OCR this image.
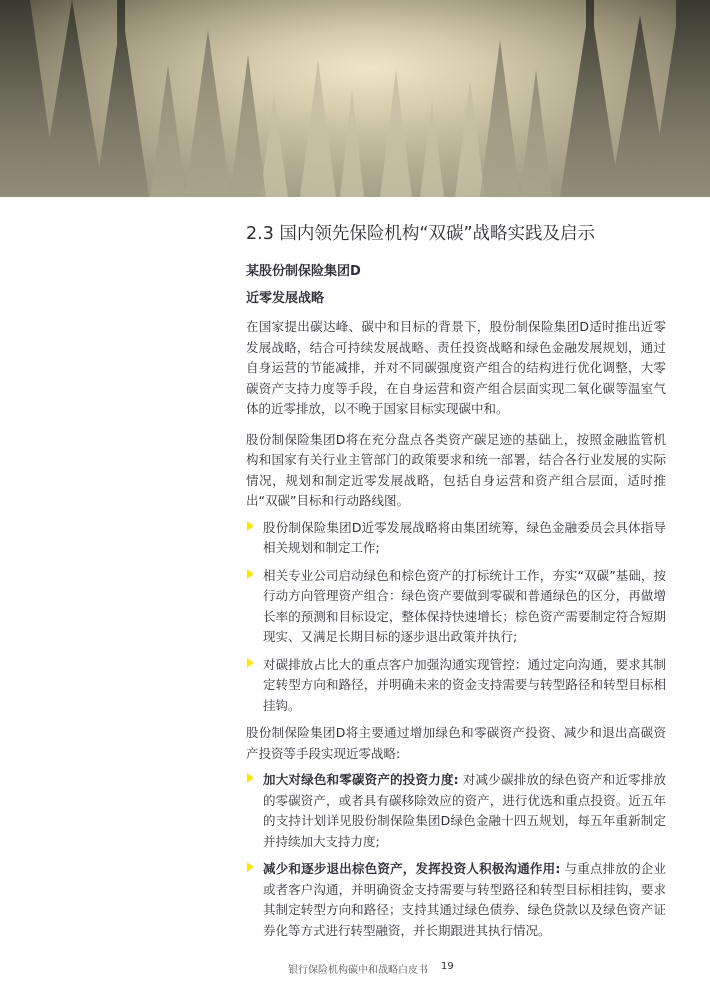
2.3 国内领先保险机构“双碳”战略实践及启示
某股份制保险集团D
近零发展战略

在国家提出碳达峰、碳中和目标的背景下，股份制保险集团D适时推出近零发展战略，结合可持续发展战略、责任投资战略和绿色金融发展规划，通过自身运营的节能减排，并对不同碳强度资产组合的结构进行优化调整，大零碳资产支持力度等手段，在自身运营和资产组合层面实现二氧化碳等温室气体的近零排放，以不晚于国家目标实现碳中和。

股份制保险集团D将在充分盘点各类资产碳足迹的基础上，按照金融监管机构和国家有关行业主管部门的政策要求和统一部署，结合各行业发展的实际情况，规划和制定近零发展战略，包括自身运营和资产组合层面，适时推出“双碳”目标和行动路线图。

股份制保险集团D近零发展战略将由集团统筹，绿色金融委员会具体指导相关规划和制定工作;
相关专业公司启动绿色和棕色资产的打标统计工作，夯实“双碳”基础，按行动方向管理资产组合：绿色资产要做到零碳和普通绿色的区分，再做增长率的预测和目标设定，整体保持快速增长；棕色资产需要制定符合短期现实、又满足长期目标的逐步退出政策并执行;
对碳排放占比大的重点客户加强沟通实现管控：通过定向沟通，要求其制定转型方向和路径，并明确未来的资金支持需要与转型路径和转型目标相挂钩。

股份制保险集团D将主要通过增加绿色和零碳资产投资、减少和退出高碳资产投资等手段实现近零战略:

加大对绿色和零碳资产的投资力度: 对减少碳排放的绿色资产和近零排放的零碳资产，或者具有碳移除效应的资产，进行优选和重点投资。近五年的支持计划详见股份制保险集团D绿色金融十四五规划，每五年重新制定并持续加大支持力度;
减少和逐步退出棕色资产，发挥投资人积极沟通作用: 与重点排放的企业或者客户沟通，并明确资金支持需要与转型路径和转型目标相挂钩，要求其制定转型方向和路径；支持其通过绿色债券、绿色贷款以及绿色资产证券化等方式进行转型融资，并长期跟进其执行情况。
银行保险机构碳中和战略白皮书 19
